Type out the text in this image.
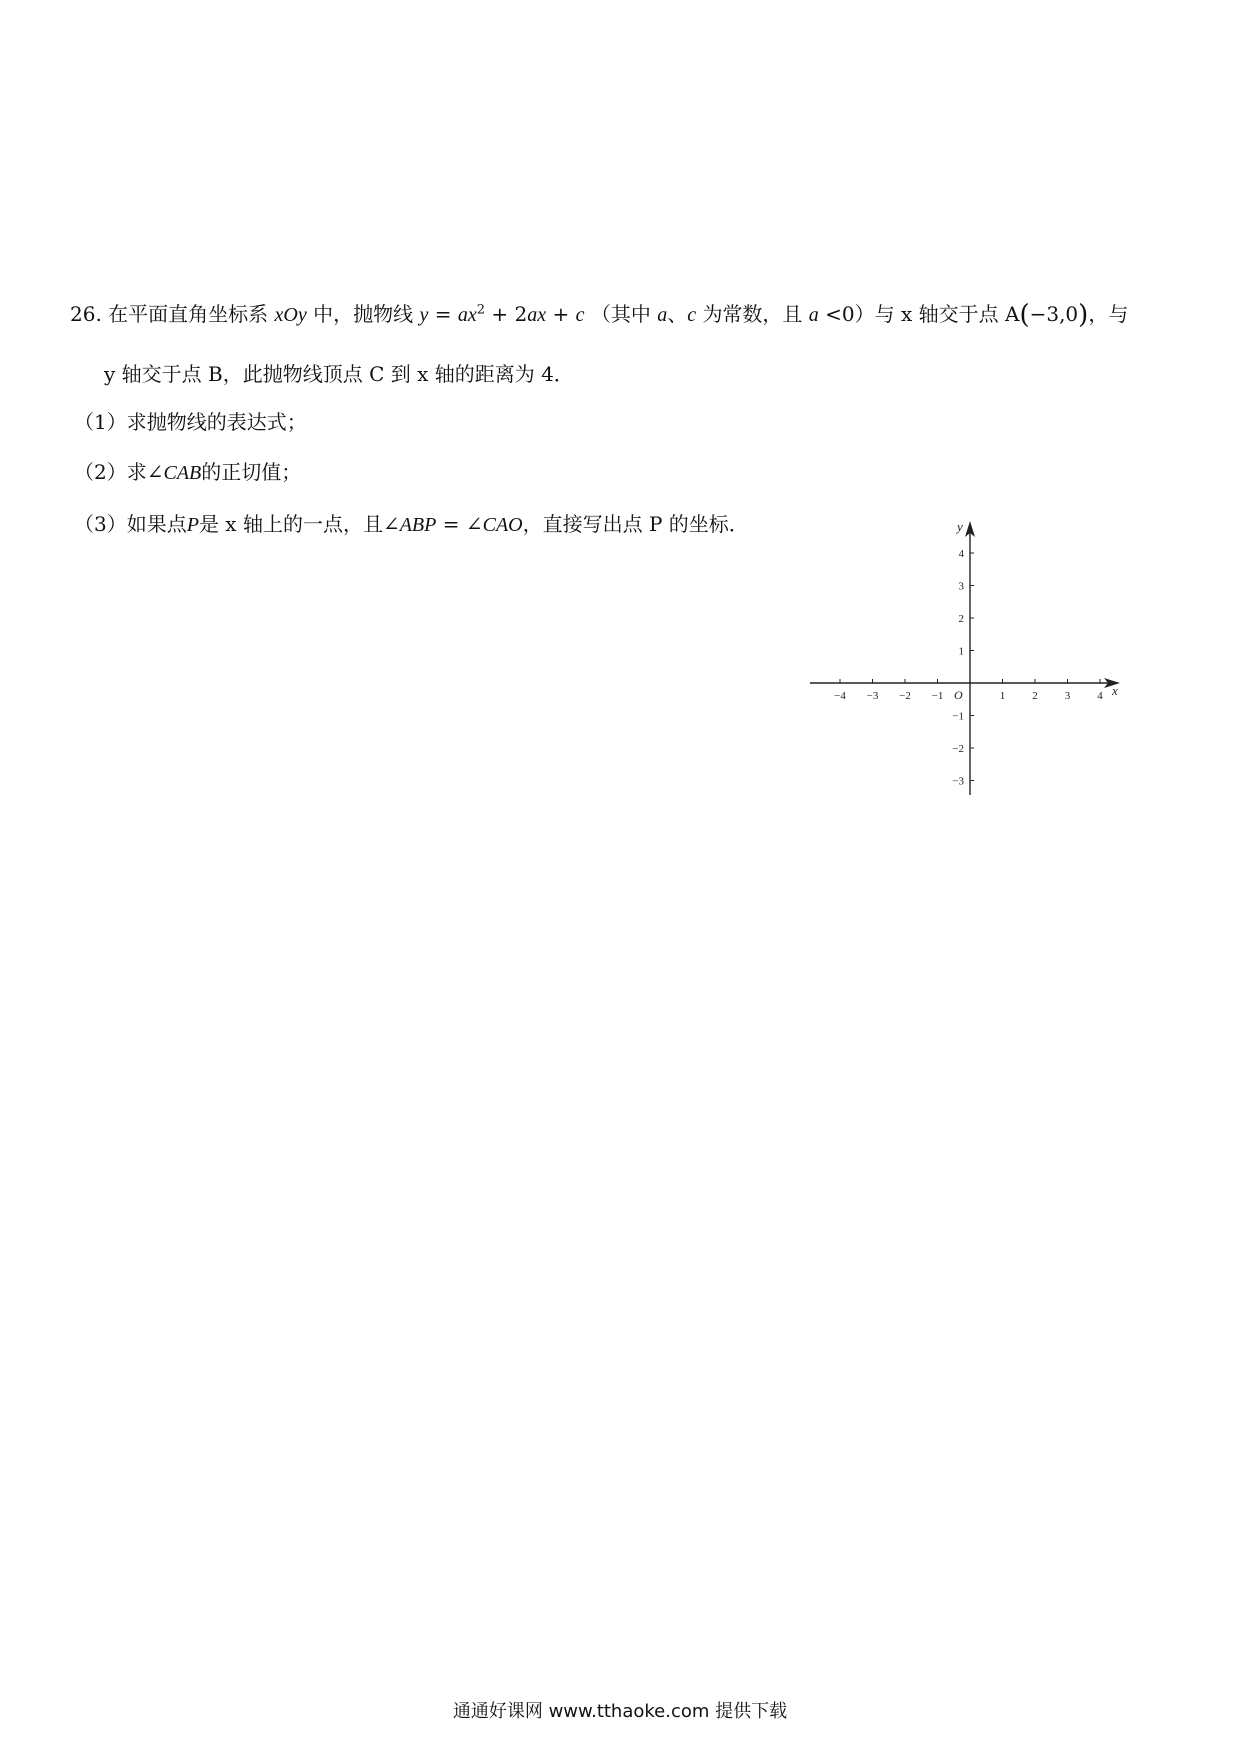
26. 在平面直角坐标系 xOy 中，抛物线 $y = ax^2 + 2ax + c$ （其中 a、c 为常数，且 a <0）与 x 轴交于点 A(−3,0)，与
y 轴交于点 B，此抛物线顶点 C 到 x 轴的距离为 4．
（1）求抛物线的表达式；
（2）求∠CAB的正切值；
（3）如果点P是 x 轴上的一点，且∠ABP = ∠CAO，直接写出点 P 的坐标．
x
y
O
−4 −3 −2 −1	1 2 3 4
4
3
2
1
−1
−2
−3
通通好课网 www.tthaoke.com 提供下载
